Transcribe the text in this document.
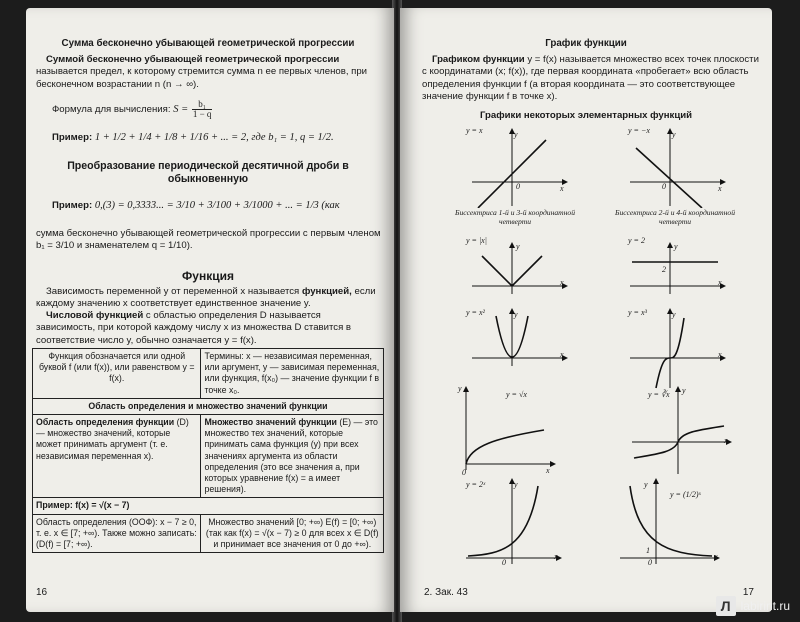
Сумма бесконечно убывающей геометрической прогрессии
Суммой бесконечно убывающей геометрической прогрессии называется предел, к которому стремится сумма n ее первых членов, при бесконечном возрастании n (n → ∞).
Формула для вычисления: $S = \frac{\text{b₁}}{1 - q}$
Пример: 1 + 1/2 + 1/4 + 1/8 + 1/16 + ... = 2, где b₁ = 1, q = 1/2.
Преобразование периодической десятичной дроби в обыкновенную
Пример: 0,(3) = 0,3333... = 3/10 + 3/100 + 3/1000 + ... = 1/3 (как
сумма бесконечно убывающей геометрической прогрессии с первым членом b₁ = 3/10 и знаменателем q = 1/10).
Функция
Зависимость переменной y от переменной x называется функцией, если каждому значению x соответствует единственное значение y.
Числовой функцией с областью определения D называется зависимость, при которой каждому числу x из множества D ставится в соответствие число y, обычно означается y = f(x).
Функция обозначается или одной буквой f (или f(x)), или равенством y = f(x).	Термины: x — независимая переменная, или аргумент, y — зависимая переменная, или функция, f(x₀) — значение функции f в точке x₀.
Область определения и множество значений функции	
Область определения функции (D) — множество значений, которые может принимать аргумент (т. е. независимая переменная x).	Множество значений функции (E) — это множество тех значений, которые принимать сама функция (y) при всех значениях аргумента из области определения (это все значения a, при которых уравнение f(x) = a имеет решения).
Пример: f(x) = √(x − 7)	
Область определения (ООФ): x − 7 ≥ 0, т. е. x ∈ [7; +∞). Также можно записать: (D(f) = [7; +∞).	Множество значений [0; +∞) E(f) = [0; +∞) (так как f(x) = √(x − 7) ≥ 0 для всех x ∈ D(f) и принимает все значения от 0 до +∞).
16
График функции
Графиком функции y = f(x) называется множество всех точек плоскости с координатами (x; f(x)), где первая координата «пробегает» всю область определения функции f (а вторая координата — это соответствующее значение функции f в точке x).
Графики некоторых элементарных функций
y = x	y
x
0
Биссектриса 1-й и 3-й координатной четверти
y = −x	y
x
0
Биссектриса 2-й и 4-й координатной четверти
y = |x|
y
x
y = 2
y
2
x
y = x²	y
x
y = x³	y
x
y = √x
y
x
0
y = ∛x y
x
y = 2ˣ	y
x
0
y = (1/2)ˣ
y
1
x
0
2. Зак. 43	17
Л labirint.ru
